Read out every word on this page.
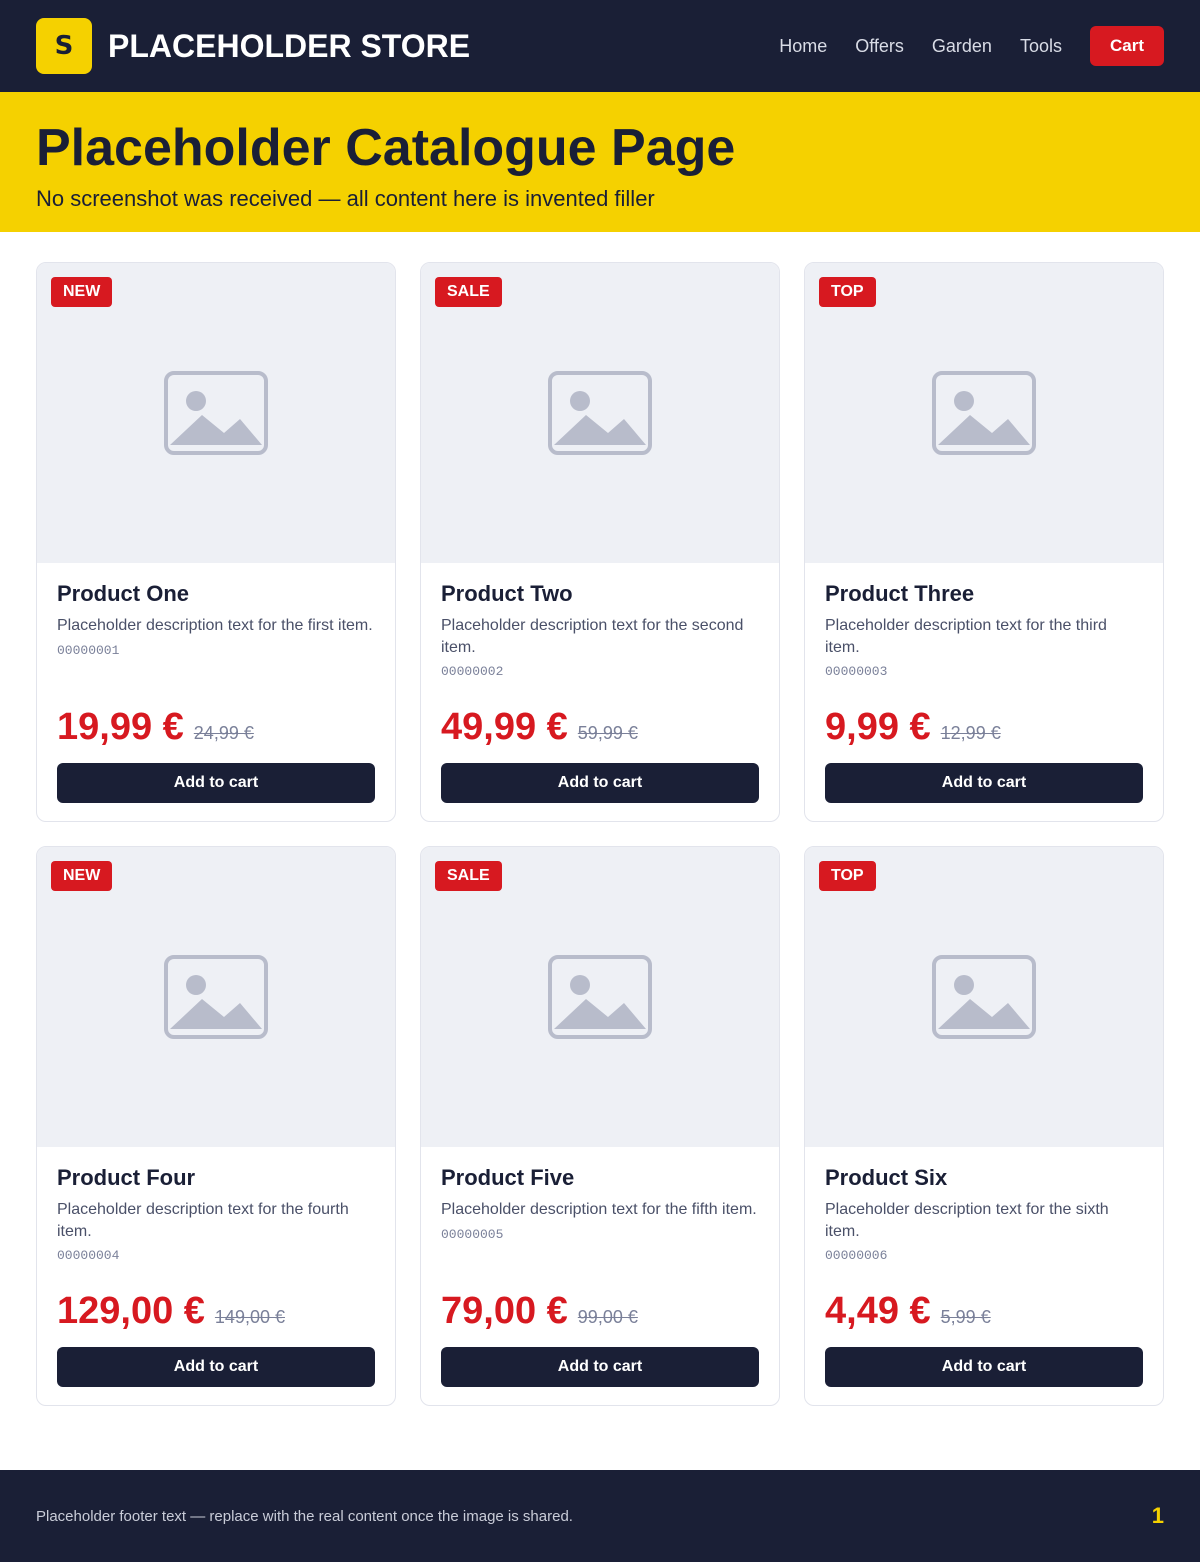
S PLACEHOLDER STORE	Home Offers Garden Tools	Cart
Placeholder Catalogue Page

No screenshot was received — all content here is invented filler

NEW
Product One
Placeholder description text for the first item.
00000001
19,99 € 24,99 €
Add to cart
SALE
Product Two
Placeholder description text for the second item.
00000002
49,99 € 59,99 €
Add to cart
TOP
Product Three
Placeholder description text for the third item.
00000003
9,99 € 12,99 €
Add to cart
NEW
Product Four
Placeholder description text for the fourth item.
00000004
129,00 € 149,00 €
Add to cart
SALE
Product Five
Placeholder description text for the fifth item.
00000005
79,00 € 99,00 €
Add to cart
TOP
Product Six
Placeholder description text for the sixth item.
00000006
4,49 € 5,99 €
Add to cart
Placeholder footer text — replace with the real content once the image is shared.	1
